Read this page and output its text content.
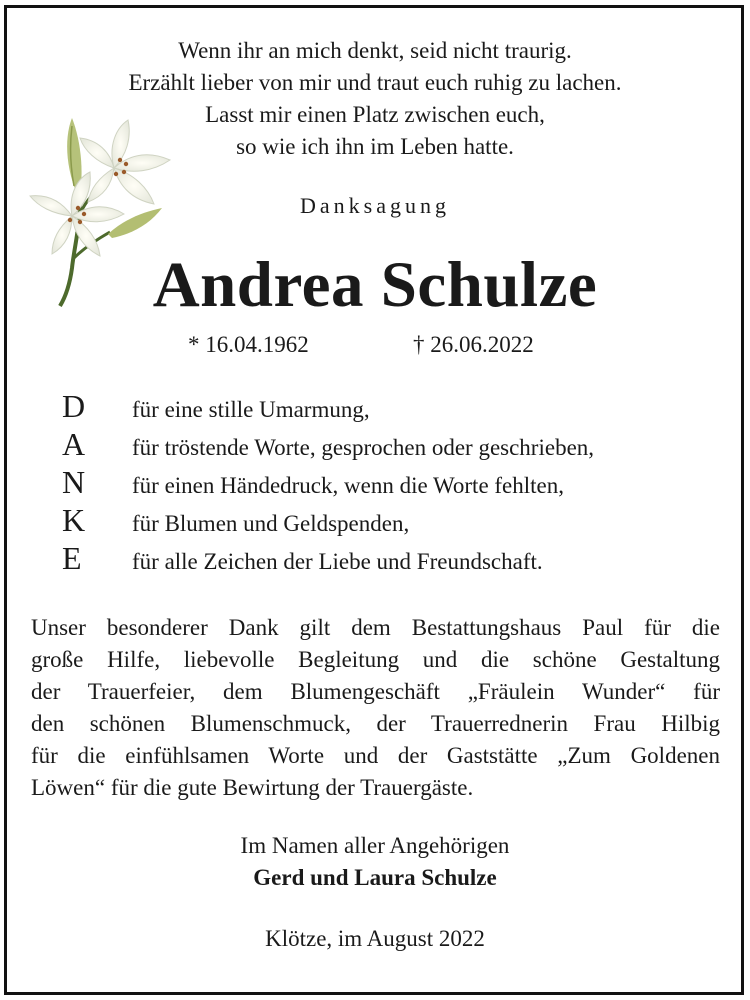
Wenn ihr an mich denkt, seid nicht traurig.
Erzählt lieber von mir und traut euch ruhig zu lachen.
Lasst mir einen Platz zwischen euch,
so wie ich ihn im Leben hatte.
Danksagung
Andrea Schulze
* 16.04.1962	† 26.06.2022
D	für eine stille Umarmung,
A	für tröstende Worte, gesprochen oder geschrieben,
N	für einen Händedruck, wenn die Worte fehlten,
K	für Blumen und Geldspenden,
E	für alle Zeichen der Liebe und Freundschaft.
Unser besonderer Dank gilt dem Bestattungshaus Paul für die
große Hilfe, liebevolle Begleitung und die schöne Gestaltung
der Trauerfeier, dem Blumengeschäft „Fräulein Wunder“ für
den schönen Blumenschmuck, der Trauerrednerin Frau Hilbig
für die einfühlsamen Worte und der Gaststätte „Zum Goldenen
Löwen“ für die gute Bewirtung der Trauergäste.
Im Namen aller Angehörigen
Gerd und Laura Schulze
Klötze, im August 2022
